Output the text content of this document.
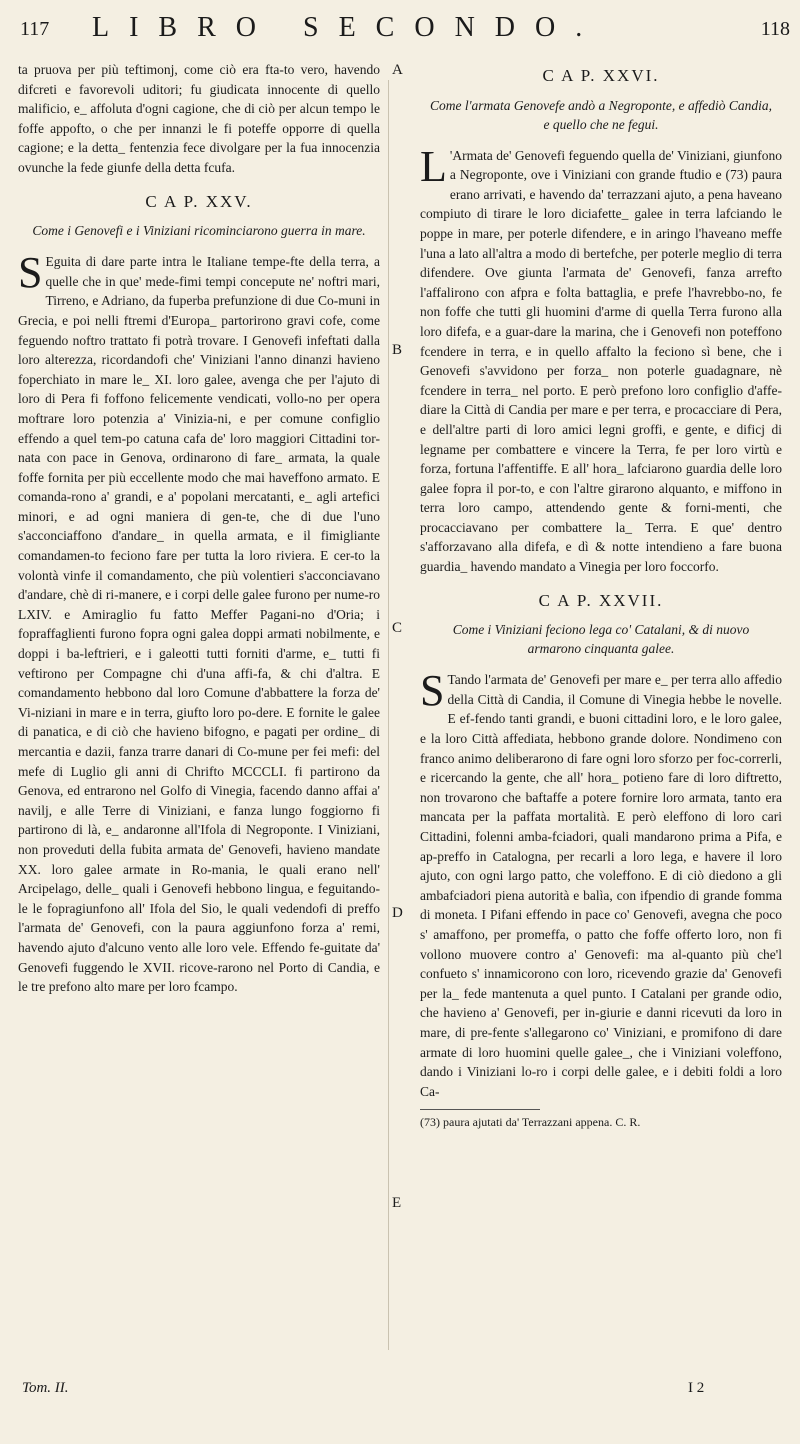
117 LIBRO SECONDO.	118

ta pruova per più teftimonj, come ciò era fta-to vero, havendo difcreti e favorevoli uditori; fu giudicata innocente di quello malificio, e_ affoluta d'ogni cagione, che di ciò per alcun tempo le foffe appofto, o che per innanzi le fi poteffe opporre di quella cagione; e la detta_ fentenzia fece divolgare per la fua innocenzia ovunche la fede giunfe della detta fcufa.

C A P. XXV.
Come i Genovefi e i Viniziani ricominciarono guerra in mare.

S Eguita di dare parte intra le Italiane tempe-fte della terra, a quelle che in que' mede-fimi tempi concepute ne' noftri mari, Tirreno, e Adriano, da fuperba prefunzione di due Co-muni in Grecia, e poi nelli ftremi d'Europa_ partorirono gravi cofe, come feguendo noftro trattato fi potrà trovare. I Genovefi infeftati dalla loro alterezza, ricordandofi che' Viniziani l'anno dinanzi havieno foperchiato in mare le_ XI. loro galee, avenga che per l'ajuto di loro di Pera fi foffono felicemente vendicati, vollo-no per opera moftrare loro potenzia a' Vinizia-ni, e per comune configlio effendo a quel tem-po catuna cafa de' loro maggiori Cittadini tor-nata con pace in Genova, ordinarono di fare_ armata, la quale foffe fornita per più eccellente modo che mai haveffono armato. E comanda-rono a' grandi, e a' popolani mercatanti, e_ agli artefici minori, e ad ogni maniera di gen-te, che di due l'uno s'acconciaffono d'andare_ in quella armata, e il fimigliante comandamen-to feciono fare per tutta la loro riviera. E cer-to la volontà vinfe il comandamento, che più volentieri s'acconciavano d'andare, chè di ri-manere, e i corpi delle galee furono per nume-ro LXIV. e Amiraglio fu fatto Meffer Pagani-no d'Oria; i fopraffaglienti furono fopra ogni galea doppi armati nobilmente, e doppi i ba-leftrieri, e i galeotti tutti forniti d'arme, e_ tutti fi veftirono per Compagne chi d'una affi-fa, & chi d'altra. E comandamento hebbono dal loro Comune d'abbattere la forza de' Vi-niziani in mare e in terra, giufto loro po-dere. E fornite le galee di panatica, e di ciò che havieno bifogno, e pagati per ordine_ di mercantia e dazii, fanza trarre danari di Co-mune per fei mefi: del mefe di Luglio gli anni di Chrifto MCCCLI. fi partirono da Genova, ed entrarono nel Golfo di Vinegia, facendo danno affai a' navilj, e alle Terre di Viniziani, e fanza lungo foggiorno fi partirono di là, e_ andaronne all'Ifola di Negroponte. I Viniziani, non proveduti della fubita armata de' Genovefi, havieno mandate XX. loro galee armate in Ro-mania, le quali erano nell' Arcipelago, delle_ quali i Genovefi hebbono lingua, e feguitando-le le fopragiunfono all' Ifola del Sio, le quali vedendofi di preffo l'armata de' Genovefi, con la paura aggiunfono forza a' remi, havendo ajuto d'alcuno vento alle loro vele. Effendo fe-guitate da' Genovefi fuggendo le XVII. ricove-rarono nel Porto di Candia, e le tre prefono alto mare per loro fcampo.

A
B
C
D
E
C A P. XXVI.
Come l'armata Genovefe andò a Negroponte, e affediò Candia, e quello che ne fegui.

L 'Armata de' Genovefi feguendo quella de' Viniziani, giunfono a Negroponte, ove i Viniziani con grande ftudio e (73) paura erano arrivati, e havendo da' terrazzani ajuto, a pena haveano compiuto di tirare le loro diciafette_ galee in terra lafciando le poppe in mare, per poterle difendere, e in aringo l'haveano meffe l'una a lato all'altra a modo di bertefche, per poterle meglio di terra difendere. Ove giunta l'armata de' Genovefi, fanza arrefto l'affalirono con afpra e folta battaglia, e prefe l'havrebbo-no, fe non foffe che tutti gli huomini d'arme di quella Terra furono alla loro difefa, e a guar-dare la marina, che i Genovefi non poteffono fcendere in terra, e in quello affalto la feciono sì bene, che i Genovefi s'avvidono per forza_ non poterle guadagnare, nè fcendere in terra_ nel porto. E però prefono loro configlio d'affe-diare la Città di Candia per mare e per terra, e procacciare di Pera, e dell'altre parti di loro amici legni groffi, e gente, e dificj di legname per combattere e vincere la Terra, fe per loro virtù e forza, fortuna l'affentiffe. E all' hora_ lafciarono guardia delle loro galee fopra il por-to, e con l'altre girarono alquanto, e miffono in terra loro campo, attendendo gente & forni-menti, che procacciavano per combattere la_ Terra. E que' dentro s'afforzavano alla difefa, e dì & notte intendieno a fare buona guardia_ havendo mandato a Vinegia per loro foccorfo.

C A P. XXVII.
Come i Viniziani feciono lega co' Catalani, & di nuovo armarono cinquanta galee.

S Tando l'armata de' Genovefi per mare e_ per terra allo affedio della Città di Candia, il Comune di Vinegia hebbe le novelle. E ef-fendo tanti grandi, e buoni cittadini loro, e le loro galee, e la loro Città affediata, hebbono grande dolore. Nondimeno con franco animo deliberarono di fare ogni loro sforzo per foc-correrli, e ricercando la gente, che all' hora_ potieno fare di loro diftretto, non trovarono che baftaffe a potere fornire loro armata, tanto era mancata per la paffata mortalità. E però eleffono di loro cari Cittadini, folenni amba-fciadori, quali mandarono prima a Pifa, e ap-preffo in Catalogna, per recarli a loro lega, e havere il loro ajuto, con ogni largo patto, che voleffono. E di ciò diedono a gli ambafciadori piena autorità e balìa, con ifpendio di grande fomma di moneta. I Pifani effendo in pace co' Genovefi, avegna che poco s' amaffono, per promeffa, o patto che foffe offerto loro, non fi vollono muovere contro a' Genovefi: ma al-quanto più che'l confueto s' innamicorono con loro, ricevendo grazie da' Genovefi per la_ fede mantenuta a quel punto. I Catalani per grande odio, che havieno a' Genovefi, per in-giurie e danni ricevuti da loro in mare, di pre-fente s'allegarono co' Viniziani, e promifono di dare armate di loro huomini quelle galee_, che i Viniziani voleffono, dando i Viniziani lo-ro i corpi delle galee, e i debiti foldi a loro Ca-

(73) paura ajutati da' Terrazzani appena. C. R.
Tom. II.	I 2
